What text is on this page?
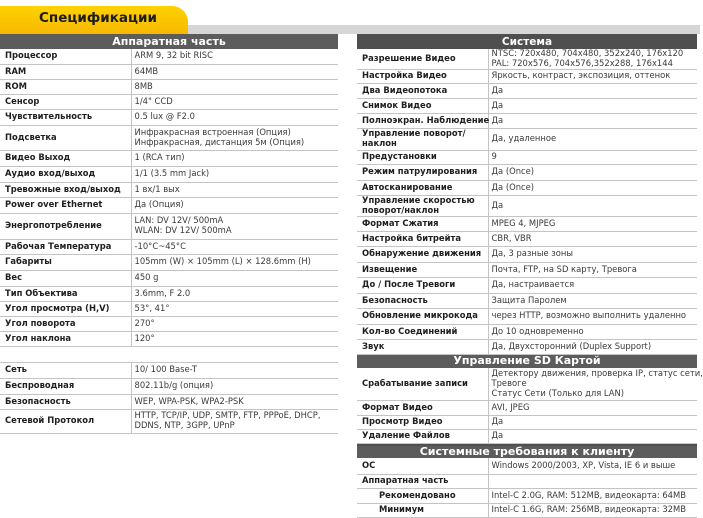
Спецификации
Аппаратная часть	
Процессор	ARM 9, 32 bit RISC
RAM	64MB
ROM	8MB
Сенсор	1/4" CCD
Чувствительность	0.5 lux @ F2.0
Подсветка	Инфракрасная встроенная (Опция)
Инфракрасная, дистанция 5м (Опция)

Видео Выход	1 (RCA тип)
Аудио вход/выход	1/1 (3.5 mm Jack)
Тревожные вход/выход	1 вх/1 вых
Power over Ethernet	Да (Опция)
Энергопотребление	LAN: DV 12V/ 500mA
WLAN: DV 12V/ 500mA

Рабочая Температура	-10°C~45°C
Габариты	105mm (W) × 105mm (L) × 128.6mm (H)
Вес	450 g
Тип Объектива	3.6mm, F 2.0
Угол просмотра (H,V)	53°, 41°
Угол поворота	270°
Угол наклона	120°

Сеть	10/ 100 Base-T
Беспроводная	802.11b/g (опция)
Безопасность	WEP, WPA-PSK, WPA2-PSK
Сетевой Протокол	HTTP, TCP/IP, UDP, SMTP, FTP, PPPoE, DHCP,
DDNS, NTP, 3GPP, UPnP
Система	
Разрешение Видео	NTSC: 720x480, 704x480, 352x240, 176x120
PAL: 720x576, 704x576,352x288, 176x144

Настройка Видео	Яркость, контраст, экспозиция, оттенок
Два Видеопотока	Да
Снимок Видео	Да
Полноэкран. Наблюдение	Да

Управление поворот/
наклон	Да, удаленное
Предустановки	9
Режим патрулирования	Да (Once)
Автосканирование	Да (Once)

Управление скоростью
поворот/наклон	Да
Формат Сжатия	MPEG 4, MJPEG
Настройка битрейта	CBR, VBR
Обнаружение движения	Да, 3 разные зоны
Извещение	Почта, FTP, на SD карту, Тревога
До / После Тревоги	Да, настраивается
Безопасность	Защита Паролем
Обновление микрокода	через HTTP, возможно выполнить удаленно
Кол-во Соединений	До 10 одновременно
Звук	Да, Двухсторонний (Duplex Support)
Управление SD Картой	
Срабатывание записи	Детектору движения, проверка IP, статус сети,
Тревоге
Статус Сети (Только для LAN)

Формат Видео	AVI, JPEG
Просмотр Видео	Да
Удаление Файлов	Да

Системные требования к клиенту	
ОС	Windows 2000/2003, XP, Vista, IE 6 и выше
Аппаратная часть	
Рекомендовано	Intel-C 2.0G, RAM: 512MB, видеокарта: 64MB
Минимум	Intel-C 1.6G, RAM: 256MB, видеокарта: 32MB
